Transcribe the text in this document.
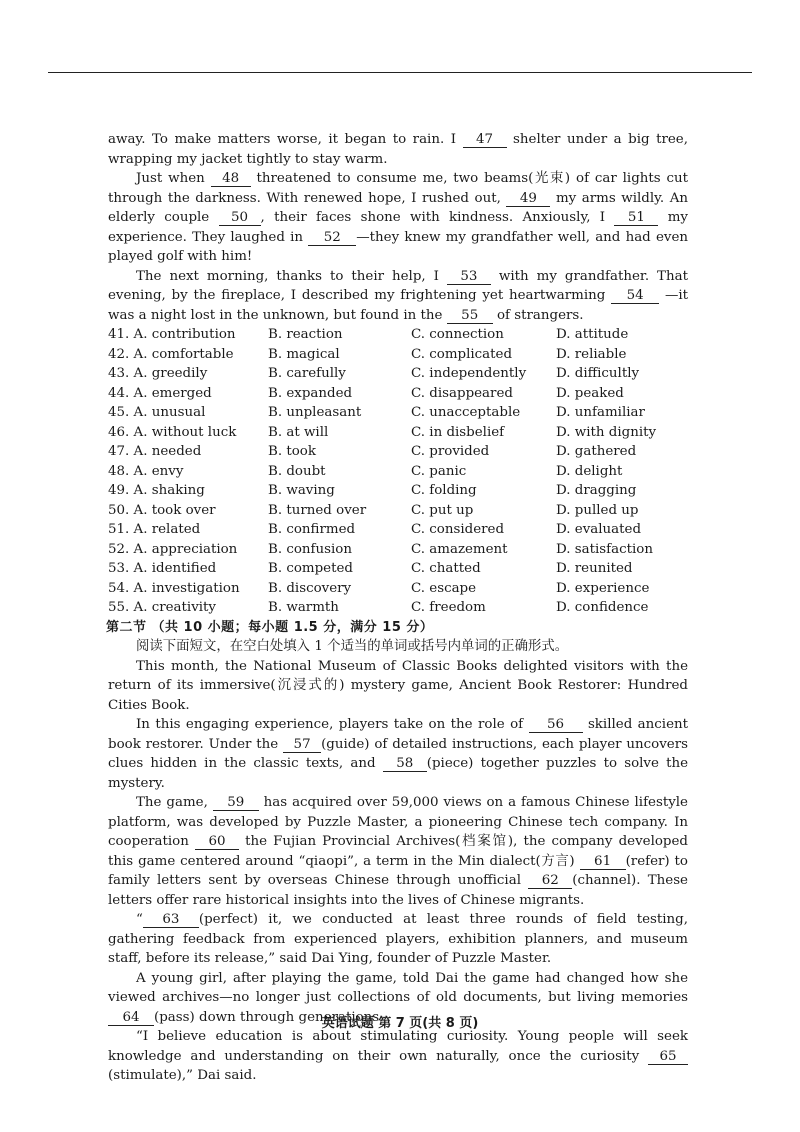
away. To make matters worse, it began to rain. I 47 shelter under a big tree, wrapping my jacket tightly to stay warm.

Just when 48 threatened to consume me, two beams(光束) of car lights cut through the darkness. With renewed hope, I rushed out, 49 my arms wildly. An elderly couple 50 , their faces shone with kindness. Anxiously, I 51 my experience. They laughed in 52 —they knew my grandfather well, and had even played golf with him!

The next morning, thanks to their help, I 53 with my grandfather. That evening, by the fireplace, I described my frightening yet heartwarming 54 —it was a night lost in the unknown, but found in the 55 of strangers.

41. A. contribution	B. reaction	C. connection	D. attitude
42. A. comfortable	B. magical	C. complicated	D. reliable
43. A. greedily	B. carefully	C. independently	D. difficultly
44. A. emerged	B. expanded	C. disappeared	D. peaked
45. A. unusual	B. unpleasant	C. unacceptable	D. unfamiliar
46. A. without luck	B. at will	C. in disbelief	D. with dignity
47. A. needed	B. took	C. provided	D. gathered
48. A. envy	B. doubt	C. panic	D. delight
49. A. shaking	B. waving	C. folding	D. dragging
50. A. took over	B. turned over	C. put up	D. pulled up
51. A. related	B. confirmed	C. considered	D. evaluated
52. A. appreciation	B. confusion	C. amazement	D. satisfaction
53. A. identified	B. competed	C. chatted	D. reunited
54. A. investigation	B. discovery	C. escape	D. experience
55. A. creativity	B. warmth	C. freedom	D. confidence

第二节 （共 10 小题；每小题 1.5 分，满分 15 分）

阅读下面短文，在空白处填入 1 个适当的单词或括号内单词的正确形式。

This month, the National Museum of Classic Books delighted visitors with the return of its immersive(沉浸式的) mystery game, Ancient Book Restorer: Hundred Cities Book.

In this engaging experience, players take on the role of 56 skilled ancient book restorer. Under the 57 (guide) of detailed instructions, each player uncovers clues hidden in the classic texts, and 58 (piece) together puzzles to solve the mystery.

The game, 59 has acquired over 59,000 views on a famous Chinese lifestyle platform, was developed by Puzzle Master, a pioneering Chinese tech company. In cooperation 60 the Fujian Provincial Archives(档案馆), the company developed this game centered around “qiaopi”, a term in the Min dialect(方言) 61 (refer) to family letters sent by overseas Chinese through unofficial 62 (channel). These letters offer rare historical insights into the lives of Chinese migrants.

“ 63 (perfect) it, we conducted at least three rounds of field testing, gathering feedback from experienced players, exhibition planners, and museum staff, before its release,” said Dai Ying, founder of Puzzle Master.

A young girl, after playing the game, told Dai the game had changed how she viewed archives—no longer just collections of old documents, but living memories 64 (pass) down through generations.

“I believe education is about stimulating curiosity. Young people will seek knowledge and understanding on their own naturally, once the curiosity 65(stimulate),” Dai said.

英语试题 第 7 页(共 8 页)
